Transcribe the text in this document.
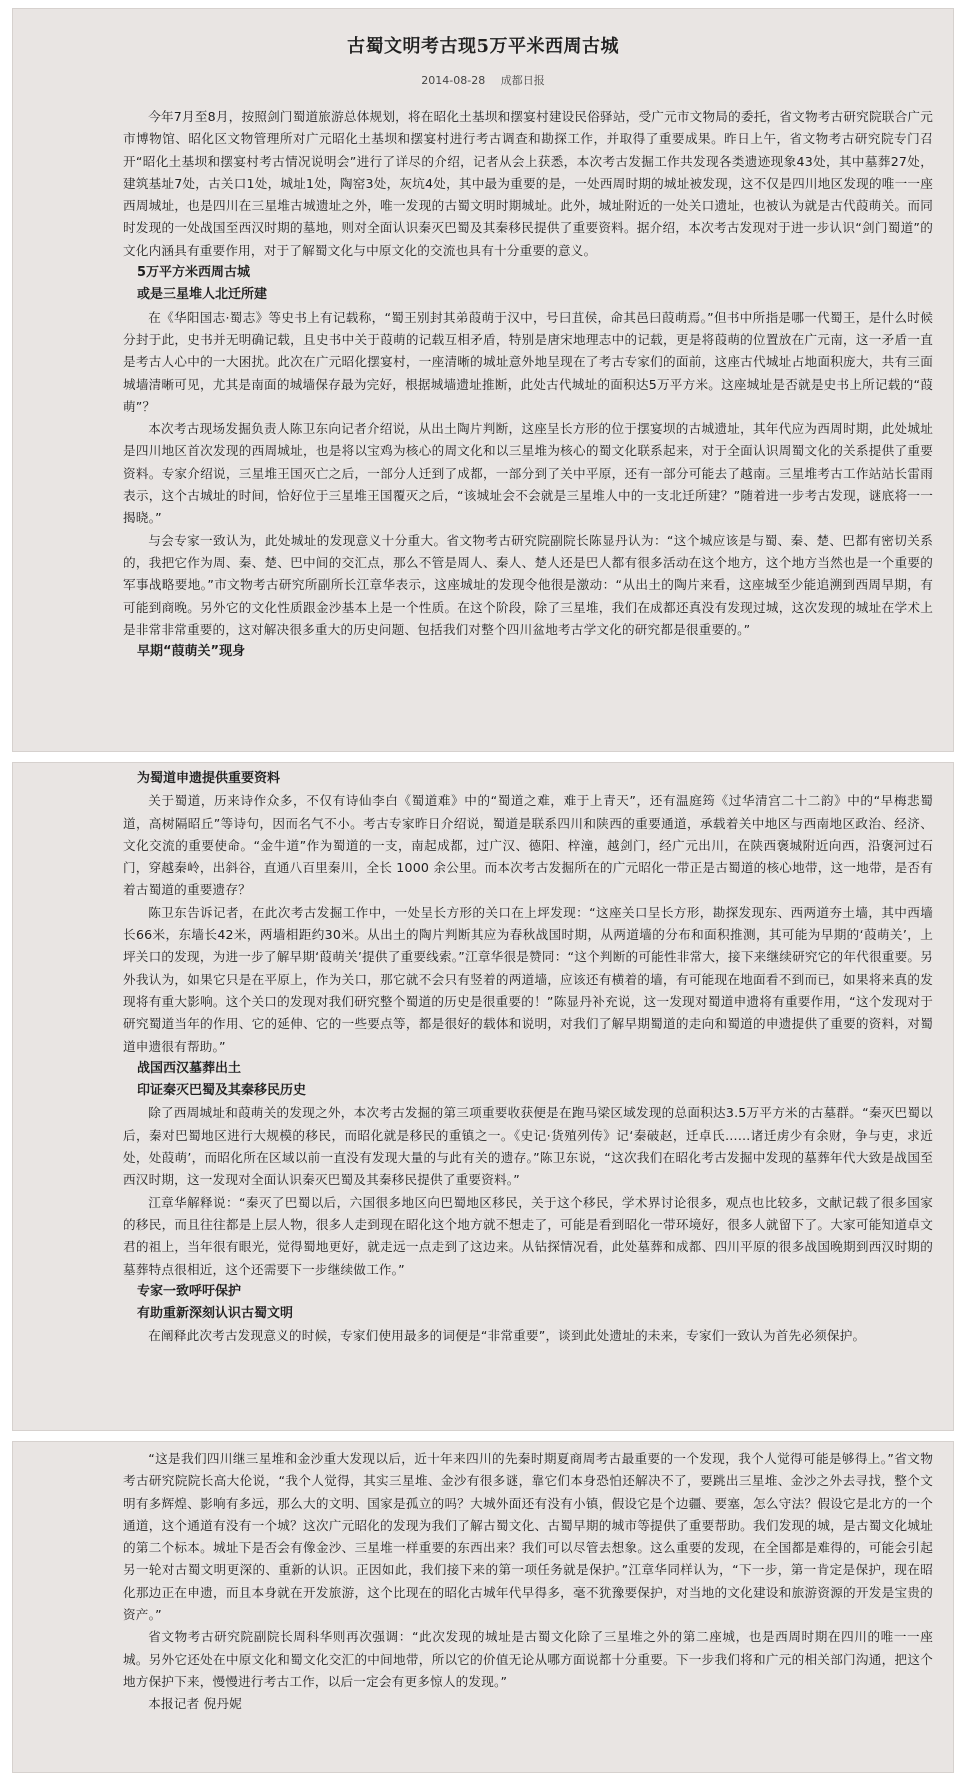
古蜀文明考古现5万平米西周古城
2014-08-28 成都日报

今年7月至8月，按照剑门蜀道旅游总体规划，将在昭化土基坝和摆宴村建设民俗驿站，受广元市文物局的委托，省文物考古研究院联合广元市博物馆、昭化区文物管理所对广元昭化土基坝和摆宴村进行考古调查和勘探工作，并取得了重要成果。昨日上午，省文物考古研究院专门召开“昭化土基坝和摆宴村考古情况说明会”进行了详尽的介绍，记者从会上获悉，本次考古发掘工作共发现各类遗迹现象43处，其中墓葬27处，建筑基址7处，古关口1处，城址1处，陶窑3处，灰坑4处，其中最为重要的是，一处西周时期的城址被发现，这不仅是四川地区发现的唯一一座西周城址，也是四川在三星堆古城遗址之外，唯一发现的古蜀文明时期城址。此外，城址附近的一处关口遗址，也被认为就是古代葭萌关。而同时发现的一处战国至西汉时期的墓地，则对全面认识秦灭巴蜀及其秦移民提供了重要资料。据介绍，本次考古发现对于进一步认识“剑门蜀道”的文化内涵具有重要作用，对于了解蜀文化与中原文化的交流也具有十分重要的意义。

5万平方米西周古城
或是三星堆人北迁所建

在《华阳国志·蜀志》等史书上有记载称，“蜀王别封其弟葭萌于汉中，号曰苴侯，命其邑曰葭萌焉。”但书中所指是哪一代蜀王，是什么时候分封于此，史书并无明确记载，且史书中关于葭萌的记载互相矛盾，特别是唐宋地理志中的记载，更是将葭萌的位置放在广元南，这一矛盾一直是考古人心中的一大困扰。此次在广元昭化摆宴村，一座清晰的城址意外地呈现在了考古专家们的面前，这座古代城址占地面积庞大，共有三面城墙清晰可见，尤其是南面的城墙保存最为完好，根据城墙遗址推断，此处古代城址的面积达5万平方米。这座城址是否就是史书上所记载的“葭萌”？

本次考古现场发掘负责人陈卫东向记者介绍说，从出土陶片判断，这座呈长方形的位于摆宴坝的古城遗址，其年代应为西周时期，此处城址是四川地区首次发现的西周城址，也是将以宝鸡为核心的周文化和以三星堆为核心的蜀文化联系起来，对于全面认识周蜀文化的关系提供了重要资料。专家介绍说，三星堆王国灭亡之后，一部分人迁到了成都，一部分到了关中平原，还有一部分可能去了越南。三星堆考古工作站站长雷雨表示，这个古城址的时间，恰好位于三星堆王国覆灭之后，“该城址会不会就是三星堆人中的一支北迁所建？”随着进一步考古发现，谜底将一一揭晓。”

与会专家一致认为，此处城址的发现意义十分重大。省文物考古研究院副院长陈显丹认为：“这个城应该是与蜀、秦、楚、巴都有密切关系的，我把它作为周、秦、楚、巴中间的交汇点，那么不管是周人、秦人、楚人还是巴人都有很多活动在这个地方，这个地方当然也是一个重要的军事战略要地。”市文物考古研究所副所长江章华表示，这座城址的发现令他很是激动：“从出土的陶片来看，这座城至少能追溯到西周早期，有可能到商晚。另外它的文化性质跟金沙基本上是一个性质。在这个阶段，除了三星堆，我们在成都还真没有发现过城，这次发现的城址在学术上是非常非常重要的，这对解决很多重大的历史问题、包括我们对整个四川盆地考古学文化的研究都是很重要的。”

早期“葭萌关”现身
为蜀道申遗提供重要资料

关于蜀道，历来诗作众多，不仅有诗仙李白《蜀道难》中的“蜀道之难，难于上青天”，还有温庭筠《过华清宫二十二韵》中的“早梅悲蜀道，高树隔昭丘”等诗句，因而名气不小。考古专家昨日介绍说，蜀道是联系四川和陕西的重要通道，承载着关中地区与西南地区政治、经济、文化交流的重要使命。“金牛道”作为蜀道的一支，南起成都，过广汉、德阳、梓潼，越剑门，经广元出川，在陕西褒城附近向西，沿褒河过石门，穿越秦岭，出斜谷，直通八百里秦川，全长 1000 余公里。而本次考古发掘所在的广元昭化一带正是古蜀道的核心地带，这一地带，是否有着古蜀道的重要遗存？

陈卫东告诉记者，在此次考古发掘工作中，一处呈长方形的关口在上坪发现：“这座关口呈长方形，勘探发现东、西两道夯土墙，其中西墙长66米，东墙长42米，两墙相距约30米。从出土的陶片判断其应为春秋战国时期，从两道墙的分布和面积推测，其可能为早期的‘葭萌关’，上坪关口的发现，为进一步了解早期‘葭萌关’提供了重要线索。”江章华很是赞同：“这个判断的可能性非常大，接下来继续研究它的年代很重要。另外我认为，如果它只是在平原上，作为关口，那它就不会只有竖着的两道墙，应该还有横着的墙，有可能现在地面看不到而已，如果将来真的发现将有重大影响。这个关口的发现对我们研究整个蜀道的历史是很重要的！”陈显丹补充说，这一发现对蜀道申遗将有重要作用，“这个发现对于研究蜀道当年的作用、它的延伸、它的一些要点等，都是很好的载体和说明，对我们了解早期蜀道的走向和蜀道的申遗提供了重要的资料，对蜀道申遗很有帮助。”

战国西汉墓葬出土
印证秦灭巴蜀及其秦移民历史

除了西周城址和葭萌关的发现之外，本次考古发掘的第三项重要收获便是在跑马梁区域发现的总面积达3.5万平方米的古墓群。“秦灭巴蜀以后，秦对巴蜀地区进行大规模的移民，而昭化就是移民的重镇之一。《史记·货殖列传》记‘秦破赵，迁卓氏……诸迁虏少有余财，争与吏，求近处，处葭萌’，而昭化所在区域以前一直没有发现大量的与此有关的遗存。”陈卫东说，“这次我们在昭化考古发掘中发现的墓葬年代大致是战国至西汉时期，这一发现对全面认识秦灭巴蜀及其秦移民提供了重要资料。”

江章华解释说：“秦灭了巴蜀以后，六国很多地区向巴蜀地区移民，关于这个移民，学术界讨论很多，观点也比较多，文献记载了很多国家的移民，而且往往都是上层人物，很多人走到现在昭化这个地方就不想走了，可能是看到昭化一带环境好，很多人就留下了。大家可能知道卓文君的祖上，当年很有眼光，觉得蜀地更好，就走远一点走到了这边来。从钻探情况看，此处墓葬和成都、四川平原的很多战国晚期到西汉时期的墓葬特点很相近，这个还需要下一步继续做工作。”

专家一致呼吁保护
有助重新深刻认识古蜀文明

在阐释此次考古发现意义的时候，专家们使用最多的词便是“非常重要”，谈到此处遗址的未来，专家们一致认为首先必须保护。

“这是我们四川继三星堆和金沙重大发现以后，近十年来四川的先秦时期夏商周考古最重要的一个发现，我个人觉得可能是够得上。”省文物考古研究院院长高大伦说，“我个人觉得，其实三星堆、金沙有很多谜，靠它们本身恐怕还解决不了，要跳出三星堆、金沙之外去寻找，整个文明有多辉煌、影响有多远，那么大的文明、国家是孤立的吗？大城外面还有没有小镇，假设它是个边疆、要塞，怎么守法？假设它是北方的一个通道，这个通道有没有一个城？这次广元昭化的发现为我们了解古蜀文化、古蜀早期的城市等提供了重要帮助。我们发现的城，是古蜀文化城址的第二个标本。城址下是否会有像金沙、三星堆一样重要的东西出来？我们可以尽管去想象。这么重要的发现，在全国都是难得的，可能会引起另一轮对古蜀文明更深的、重新的认识。正因如此，我们接下来的第一项任务就是保护。”江章华同样认为，“下一步，第一肯定是保护，现在昭化那边正在申遗，而且本身就在开发旅游，这个比现在的昭化古城年代早得多，毫不犹豫要保护，对当地的文化建设和旅游资源的开发是宝贵的资产。”

省文物考古研究院副院长周科华则再次强调：“此次发现的城址是古蜀文化除了三星堆之外的第二座城，也是西周时期在四川的唯一一座城。另外它还处在中原文化和蜀文化交汇的中间地带，所以它的价值无论从哪方面说都十分重要。下一步我们将和广元的相关部门沟通，把这个地方保护下来，慢慢进行考古工作，以后一定会有更多惊人的发现。”

本报记者 倪丹妮
